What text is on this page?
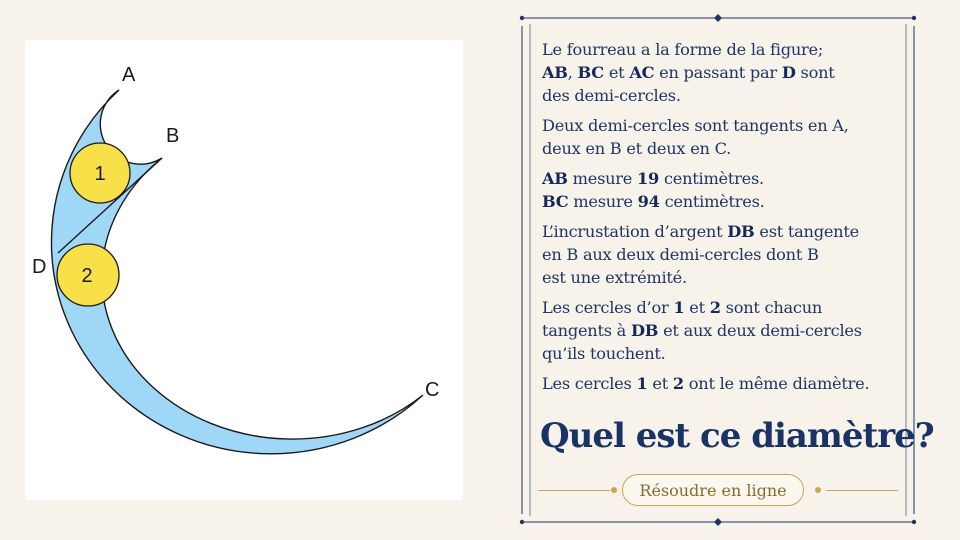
1
2
A
B
C
D

Le fourreau a la forme de la figure;
AB, BC et AC en passant par D sont
des demi-cercles.

Deux demi-cercles sont tangents en A,
deux en B et deux en C.

AB mesure 19 centimètres.
BC mesure 94 centimètres.

L’incrustation d’argent DB est tangente
en B aux deux demi-cercles dont B
est une extrémité.

Les cercles d’or 1 et 2 sont chacun
tangents à DB et aux deux demi-cercles
qu’ils touchent.

Les cercles 1 et 2 ont le même diamètre.

Quel est ce diamètre?
Résoudre en ligne
